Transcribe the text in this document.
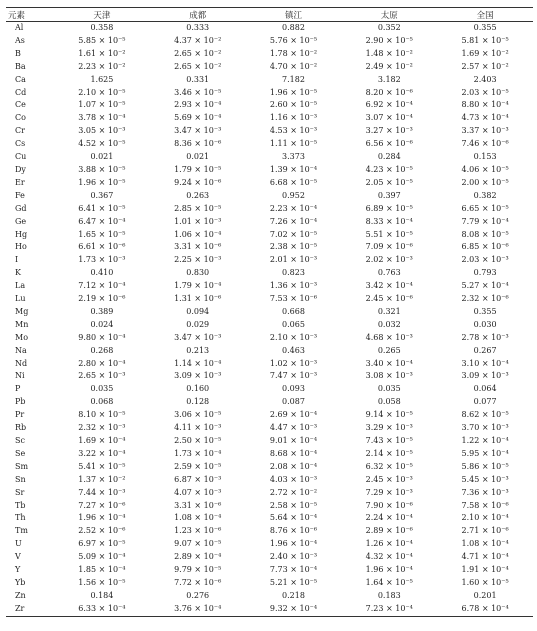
元素	天津	成都	镇江	太原	全国
Al	0.358	0.333	0.882	0.352	0.355
As	5.85 × 10⁻⁵	4.37 × 10⁻²	5.76 × 10⁻⁵	2.90 × 10⁻⁵	5.81 × 10⁻⁵
B	1.61 × 10⁻²	2.65 × 10⁻²	1.78 × 10⁻²	1.48 × 10⁻²	1.69 × 10⁻²
Ba	2.23 × 10⁻²	2.65 × 10⁻²	4.70 × 10⁻²	2.49 × 10⁻²	2.57 × 10⁻²
Ca	1.625	0.331	7.182	3.182	2.403
Cd	2.10 × 10⁻⁵	3.46 × 10⁻⁵	1.96 × 10⁻⁵	8.20 × 10⁻⁶	2.03 × 10⁻⁵
Ce	1.07 × 10⁻⁵	2.93 × 10⁻⁴	2.60 × 10⁻⁵	6.92 × 10⁻⁴	8.80 × 10⁻⁴
Co	3.78 × 10⁻⁴	5.69 × 10⁻⁴	1.16 × 10⁻³	3.07 × 10⁻⁴	4.73 × 10⁻⁴
Cr	3.05 × 10⁻³	3.47 × 10⁻³	4.53 × 10⁻³	3.27 × 10⁻³	3.37 × 10⁻³
Cs	4.52 × 10⁻⁵	8.36 × 10⁻⁶	1.11 × 10⁻⁵	6.56 × 10⁻⁶	7.46 × 10⁻⁶
Cu	0.021	0.021	3.373	0.284	0.153
Dy	3.88 × 10⁻⁵	1.79 × 10⁻⁵	1.39 × 10⁻⁴	4.23 × 10⁻⁵	4.06 × 10⁻⁵
Er	1.96 × 10⁻⁵	9.24 × 10⁻⁶	6.68 × 10⁻⁵	2.05 × 10⁻⁵	2.00 × 10⁻⁵
Fe	0.367	0.263	0.952	0.397	0.382
Gd	6.41 × 10⁻⁵	2.85 × 10⁻⁵	2.23 × 10⁻⁴	6.89 × 10⁻⁵	6.65 × 10⁻⁵
Ge	6.47 × 10⁻⁴	1.01 × 10⁻³	7.26 × 10⁻⁴	8.33 × 10⁻⁴	7.79 × 10⁻⁴
Hg	1.65 × 10⁻⁵	1.06 × 10⁻⁴	7.02 × 10⁻⁵	5.51 × 10⁻⁵	8.08 × 10⁻⁵
Ho	6.61 × 10⁻⁶	3.31 × 10⁻⁶	2.38 × 10⁻⁵	7.09 × 10⁻⁶	6.85 × 10⁻⁶
I	1.73 × 10⁻³	2.25 × 10⁻³	2.01 × 10⁻³	2.02 × 10⁻³	2.03 × 10⁻³
K	0.410	0.830	0.823	0.763	0.793
La	7.12 × 10⁻⁴	1.79 × 10⁻⁴	1.36 × 10⁻³	3.42 × 10⁻⁴	5.27 × 10⁻⁴
Lu	2.19 × 10⁻⁶	1.31 × 10⁻⁶	7.53 × 10⁻⁶	2.45 × 10⁻⁶	2.32 × 10⁻⁶
Mg	0.389	0.094	0.668	0.321	0.355
Mn	0.024	0.029	0.065	0.032	0.030
Mo	9.80 × 10⁻⁴	3.47 × 10⁻³	2.10 × 10⁻³	4.68 × 10⁻³	2.78 × 10⁻³
Na	0.268	0.213	0.463	0.265	0.267
Nd	2.80 × 10⁻⁴	1.14 × 10⁻⁴	1.02 × 10⁻³	3.40 × 10⁻⁴	3.10 × 10⁻⁴
Ni	2.65 × 10⁻³	3.09 × 10⁻³	7.47 × 10⁻³	3.08 × 10⁻³	3.09 × 10⁻³
P	0.035	0.160	0.093	0.035	0.064
Pb	0.068	0.128	0.087	0.058	0.077
Pr	8.10 × 10⁻⁵	3.06 × 10⁻⁵	2.69 × 10⁻⁴	9.14 × 10⁻⁵	8.62 × 10⁻⁵
Rb	2.32 × 10⁻³	4.11 × 10⁻³	4.47 × 10⁻³	3.29 × 10⁻³	3.70 × 10⁻³
Sc	1.69 × 10⁻⁴	2.50 × 10⁻⁵	9.01 × 10⁻⁴	7.43 × 10⁻⁵	1.22 × 10⁻⁴
Se	3.22 × 10⁻⁴	1.73 × 10⁻⁴	8.68 × 10⁻⁴	2.14 × 10⁻⁵	5.95 × 10⁻⁴
Sm	5.41 × 10⁻⁵	2.59 × 10⁻⁵	2.08 × 10⁻⁴	6.32 × 10⁻⁵	5.86 × 10⁻⁵
Sn	1.37 × 10⁻²	6.87 × 10⁻³	4.03 × 10⁻³	2.45 × 10⁻³	5.45 × 10⁻³
Sr	7.44 × 10⁻³	4.07 × 10⁻³	2.72 × 10⁻²	7.29 × 10⁻³	7.36 × 10⁻³
Tb	7.27 × 10⁻⁶	3.31 × 10⁻⁶	2.58 × 10⁻⁵	7.90 × 10⁻⁶	7.58 × 10⁻⁶
Th	1.96 × 10⁻⁴	1.08 × 10⁻⁴	5.64 × 10⁻⁴	2.24 × 10⁻⁴	2.10 × 10⁻⁴
Tm	2.52 × 10⁻⁶	1.23 × 10⁻⁶	8.76 × 10⁻⁶	2.89 × 10⁻⁶	2.71 × 10⁻⁶
U	6.97 × 10⁻⁵	9.07 × 10⁻⁵	1.96 × 10⁻⁴	1.26 × 10⁻⁴	1.08 × 10⁻⁴
V	5.09 × 10⁻⁴	2.89 × 10⁻⁴	2.40 × 10⁻³	4.32 × 10⁻⁴	4.71 × 10⁻⁴
Y	1.85 × 10⁻⁴	9.79 × 10⁻⁵	7.73 × 10⁻⁴	1.96 × 10⁻⁴	1.91 × 10⁻⁴
Yb	1.56 × 10⁻⁵	7.72 × 10⁻⁶	5.21 × 10⁻⁵	1.64 × 10⁻⁵	1.60 × 10⁻⁵
Zn	0.184	0.276	0.218	0.183	0.201
Zr	6.33 × 10⁻⁴	3.76 × 10⁻⁴	9.32 × 10⁻⁴	7.23 × 10⁻⁴	6.78 × 10⁻⁴
